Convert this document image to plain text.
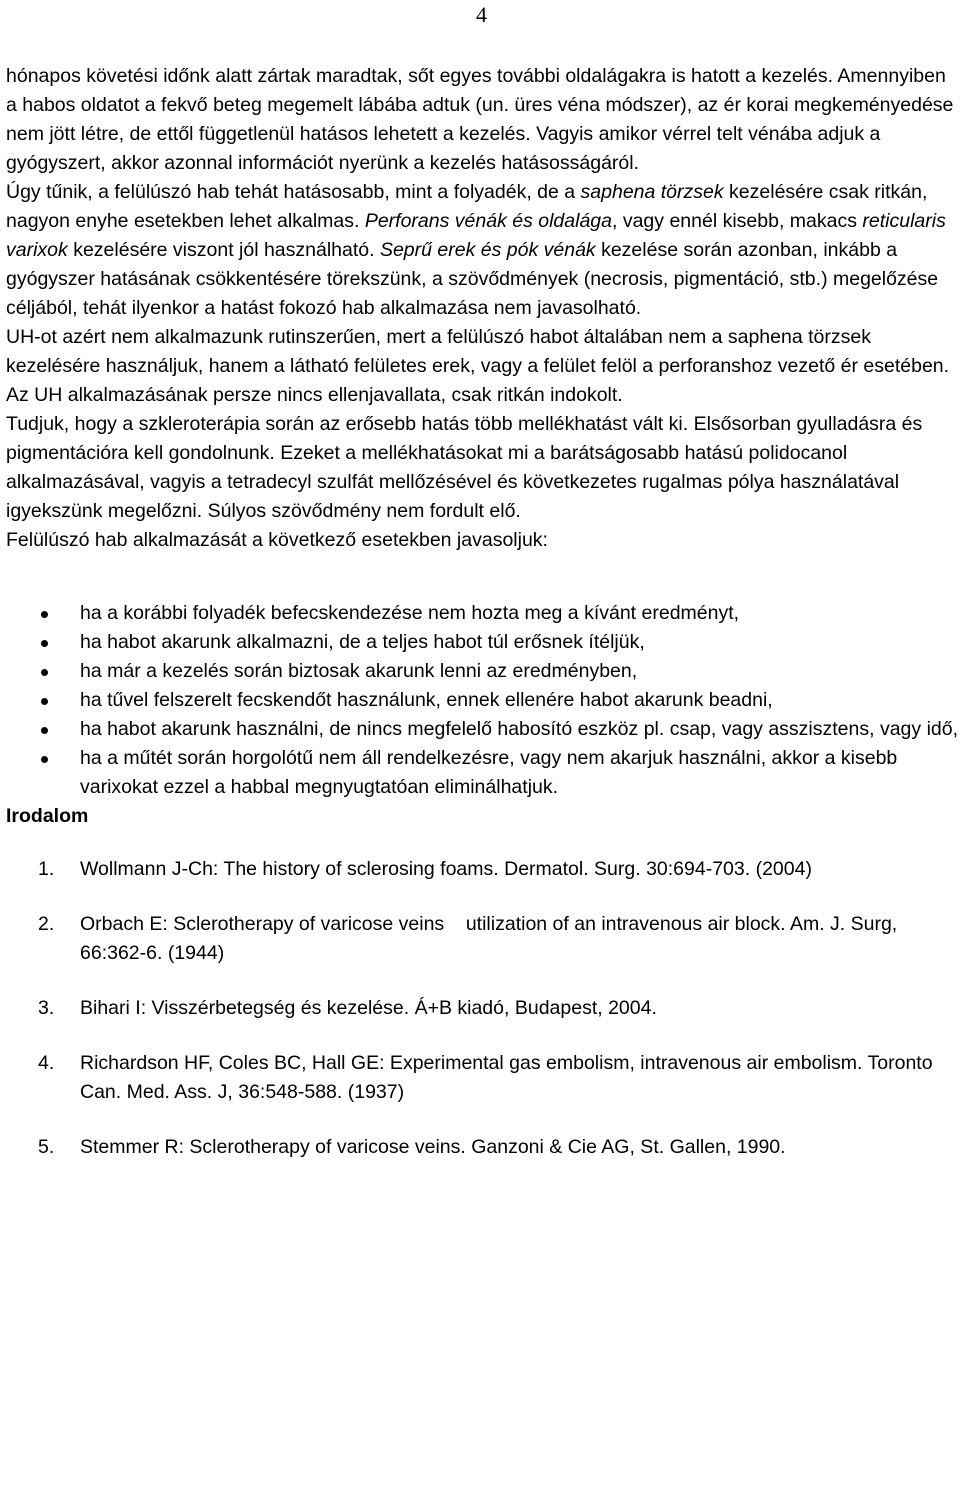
4

hónapos követési időnk alatt zártak maradtak, sőt egyes további oldalágakra is hatott a kezelés. Amennyiben a habos oldatot a fekvő beteg megemelt lábába adtuk (un. üres véna módszer), az ér korai megkeményedése nem jött létre, de ettől függetlenül hatásos lehetett a kezelés. Vagyis amikor vérrel telt vénába adjuk a gyógyszert, akkor azonnal információt nyerünk a kezelés hatásosságáról.

Úgy tűnik, a felülúszó hab tehát hatásosabb, mint a folyadék, de a saphena törzsek kezelésére csak ritkán, nagyon enyhe esetekben lehet alkalmas. Perforans vénák és oldalága, vagy ennél kisebb, makacs reticularis varixok kezelésére viszont jól használható. Seprű erek és pók vénák kezelése során azonban, inkább a gyógyszer hatásának csökkentésére törekszünk, a szövődmények (necrosis, pigmentáció, stb.) megelőzése céljából, tehát ilyenkor a hatást fokozó hab alkalmazása nem javasolható.

UH-ot azért nem alkalmazunk rutinszerűen, mert a felülúszó habot általában nem a saphena törzsek kezelésére használjuk, hanem a látható felületes erek, vagy a felület felöl a perforanshoz vezető ér esetében. Az UH alkalmazásának persze nincs ellenjavallata, csak ritkán indokolt.

Tudjuk, hogy a szkleroterápia során az erősebb hatás több mellékhatást vált ki. Elsősorban gyulladásra és pigmentációra kell gondolnunk. Ezeket a mellékhatásokat mi a barátságosabb hatású polidocanol alkalmazásával, vagyis a tetradecyl szulfát mellőzésével és következetes rugalmas pólya használatával igyekszünk megelőzni. Súlyos szövődmény nem fordult elő.

Felülúszó hab alkalmazását a következő esetekben javasoljuk:

ha a korábbi folyadék befecskendezése nem hozta meg a kívánt eredményt,
ha habot akarunk alkalmazni, de a teljes habot túl erősnek ítéljük,
ha már a kezelés során biztosak akarunk lenni az eredményben,
ha tűvel felszerelt fecskendőt használunk, ennek ellenére habot akarunk beadni,
ha habot akarunk használni, de nincs megfelelő habosító eszköz pl. csap, vagy asszisztens, vagy idő,
ha a műtét során horgolótű nem áll rendelkezésre, vagy nem akarjuk használni, akkor a kisebb varixokat ezzel a habbal megnyugtatóan eliminálhatjuk.

Irodalom

1. Wollmann J-Ch: The history of sclerosing foams. Dermatol. Surg. 30:694-703. (2004)
2. Orbach E: Sclerotherapy of varicose veins    utilization of an intravenous air block. Am. J. Surg, 66:362-6. (1944)
3. Bihari I: Visszérbetegség és kezelése. Á+B kiadó, Budapest, 2004.
4. Richardson HF, Coles BC, Hall GE: Experimental gas embolism, intravenous air embolism. Toronto Can. Med. Ass. J, 36:548-588. (1937)
5. Stemmer R: Sclerotherapy of varicose veins. Ganzoni & Cie AG, St. Gallen, 1990.
